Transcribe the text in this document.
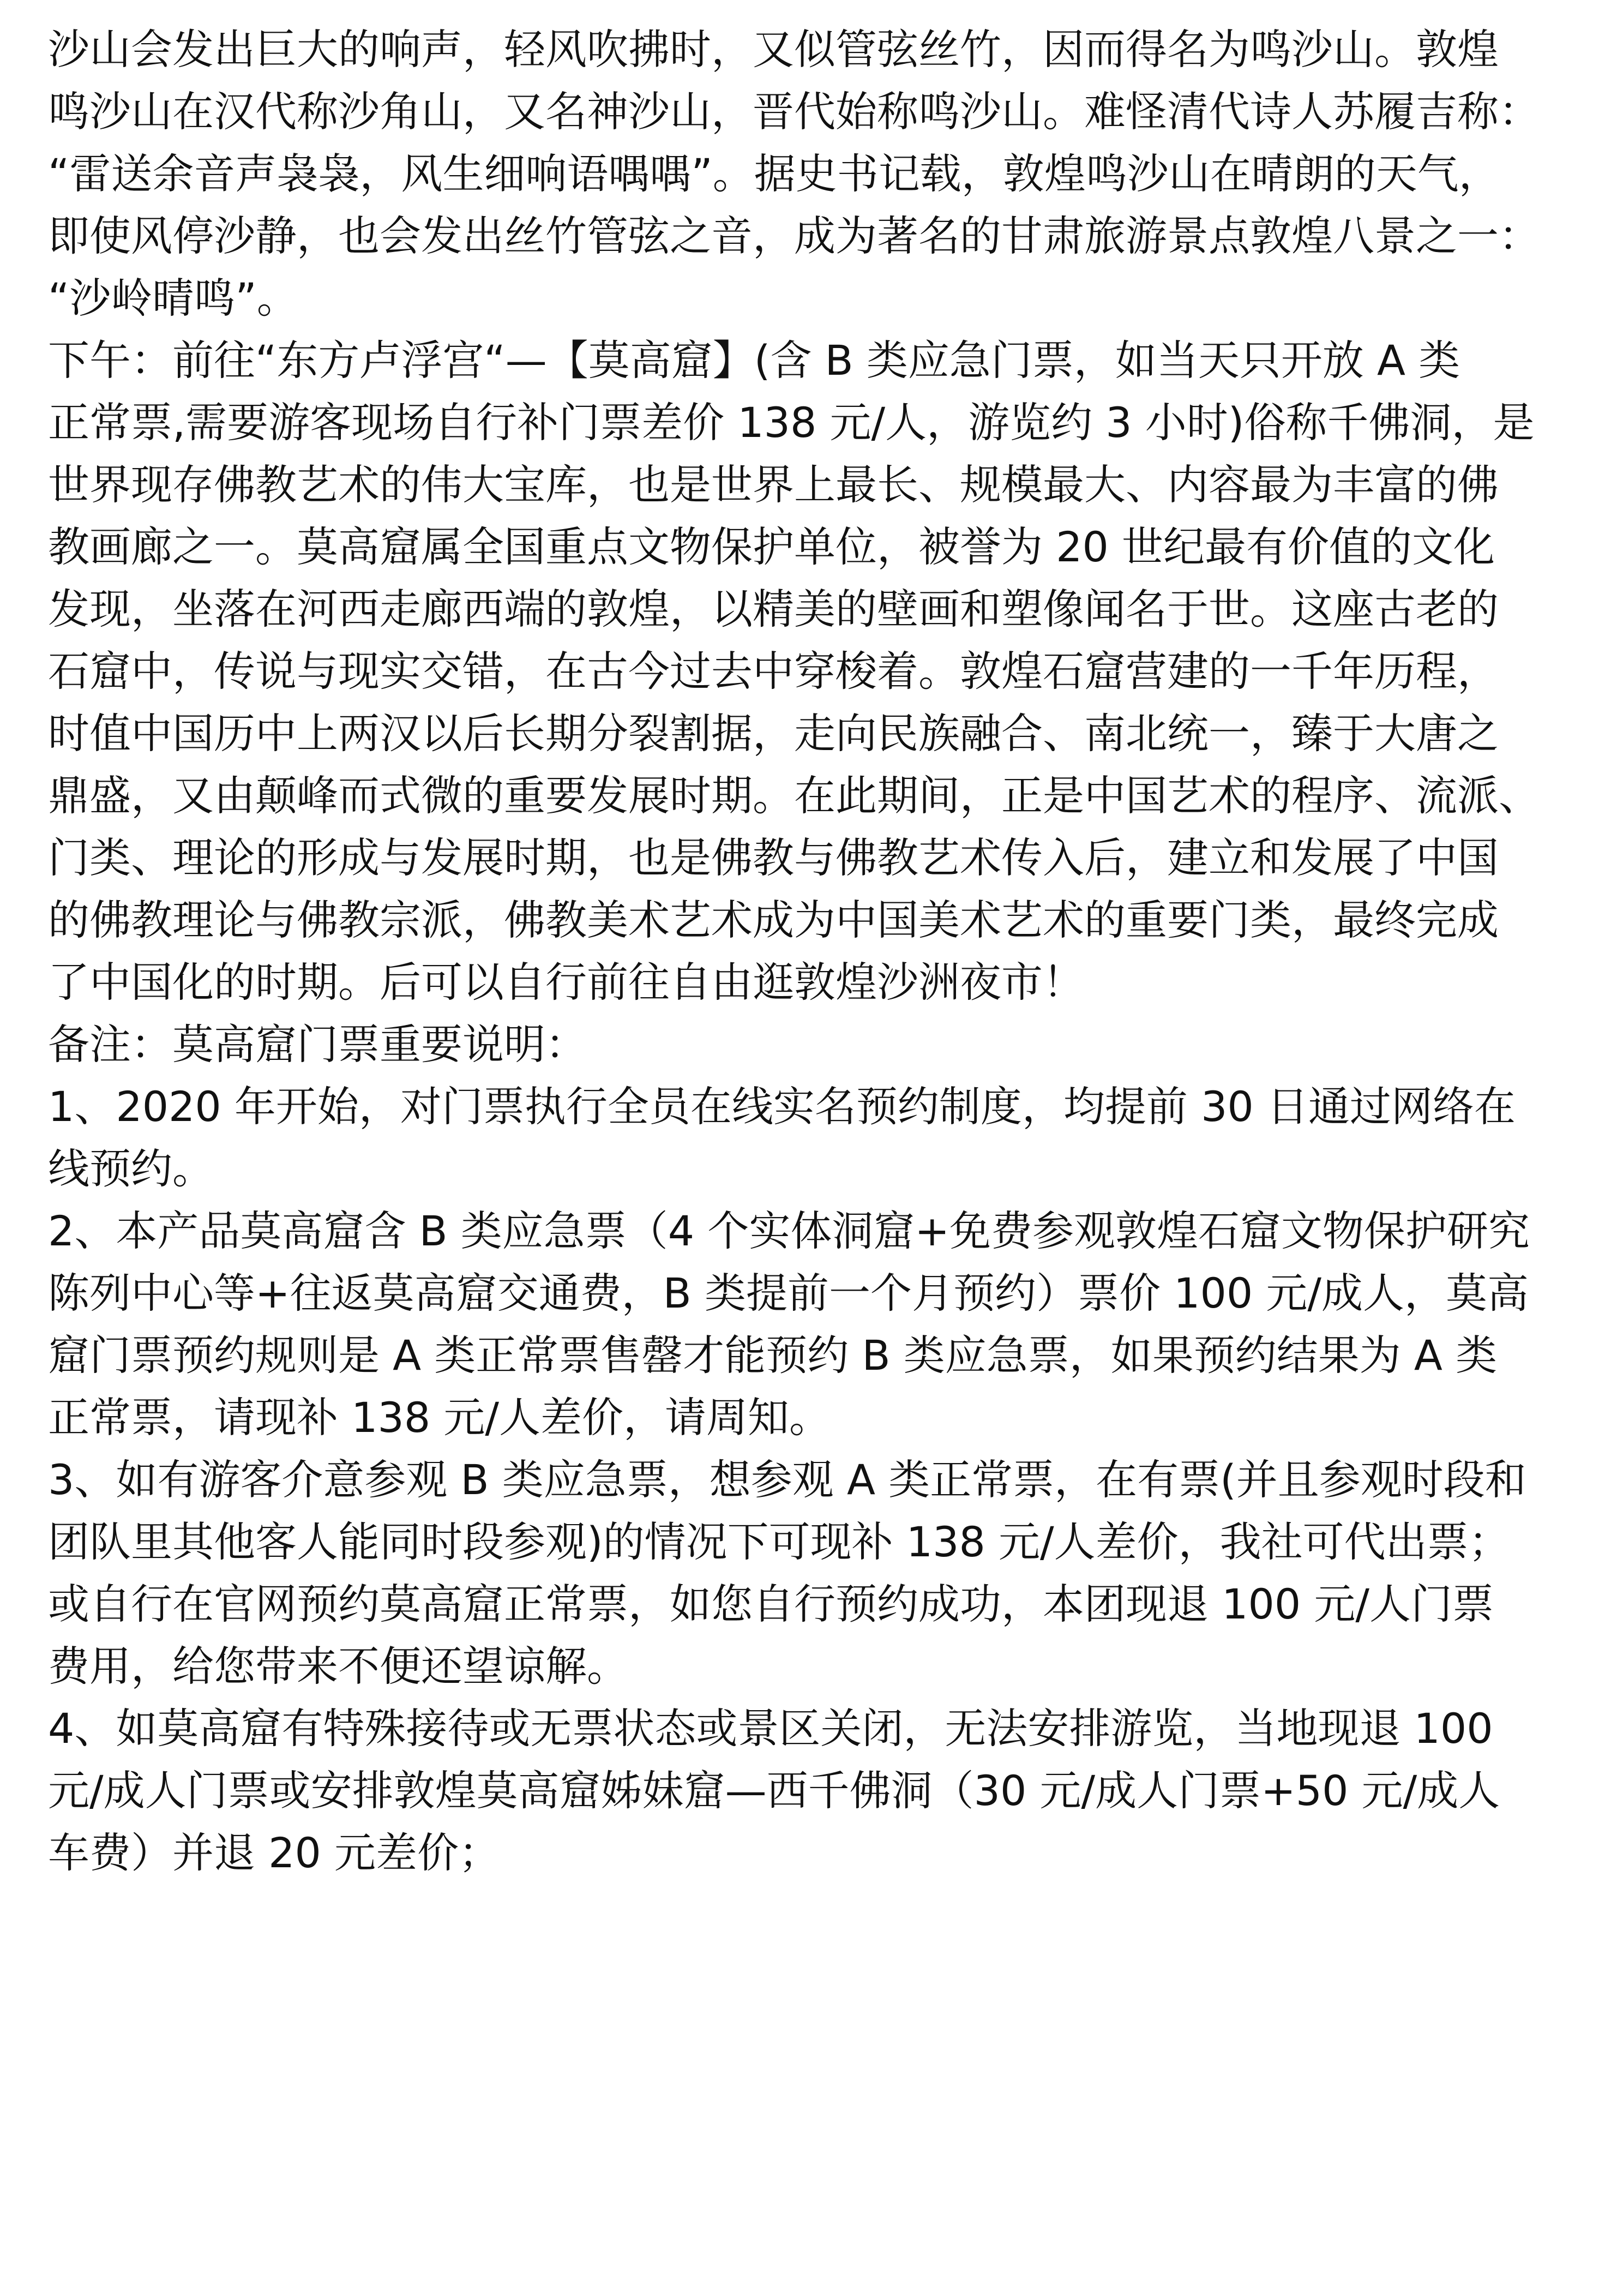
沙山会发出巨大的响声，轻风吹拂时，又似管弦丝竹，因而得名为鸣沙山。敦煌
鸣沙山在汉代称沙角山，又名神沙山，晋代始称鸣沙山。难怪清代诗人苏履吉称：
“雷送余音声袅袅，风生细响语喁喁”。据史书记载，敦煌鸣沙山在晴朗的天气，
即使风停沙静，也会发出丝竹管弦之音，成为著名的甘肃旅游景点敦煌八景之一：
“沙岭晴鸣”。
下午：前往“东方卢浮宫“—【莫高窟】(含 B 类应急门票，如当天只开放 A 类
正常票,需要游客现场自行补门票差价 138 元/人，游览约 3 小时)俗称千佛洞，是
世界现存佛教艺术的伟大宝库，也是世界上最长、规模最大、内容最为丰富的佛
教画廊之一。莫高窟属全国重点文物保护单位，被誉为 20 世纪最有价值的文化
发现，坐落在河西走廊西端的敦煌，以精美的壁画和塑像闻名于世。这座古老的
石窟中，传说与现实交错，在古今过去中穿梭着。敦煌石窟营建的一千年历程，
时值中国历中上两汉以后长期分裂割据，走向民族融合、南北统一，臻于大唐之
鼎盛，又由颠峰而式微的重要发展时期。在此期间，正是中国艺术的程序、流派、
门类、理论的形成与发展时期，也是佛教与佛教艺术传入后，建立和发展了中国
的佛教理论与佛教宗派，佛教美术艺术成为中国美术艺术的重要门类，最终完成
了中国化的时期。后可以自行前往自由逛敦煌沙洲夜市！
备注：莫高窟门票重要说明：
1、2020 年开始，对门票执行全员在线实名预约制度，均提前 30 日通过网络在
线预约。
2、本产品莫高窟含 B 类应急票（4 个实体洞窟+免费参观敦煌石窟文物保护研究
陈列中心等+往返莫高窟交通费，B 类提前一个月预约）票价 100 元/成人，莫高
窟门票预约规则是 A 类正常票售罄才能预约 B 类应急票，如果预约结果为 A 类
正常票，请现补 138 元/人差价，请周知。
3、如有游客介意参观 B 类应急票，想参观 A 类正常票，在有票(并且参观时段和
团队里其他客人能同时段参观)的情况下可现补 138 元/人差价，我社可代出票；
或自行在官网预约莫高窟正常票，如您自行预约成功，本团现退 100 元/人门票
费用，给您带来不便还望谅解。
4、如莫高窟有特殊接待或无票状态或景区关闭，无法安排游览，当地现退 100
元/成人门票或安排敦煌莫高窟姊妹窟—西千佛洞（30 元/成人门票+50 元/成人
车费）并退 20 元差价；
